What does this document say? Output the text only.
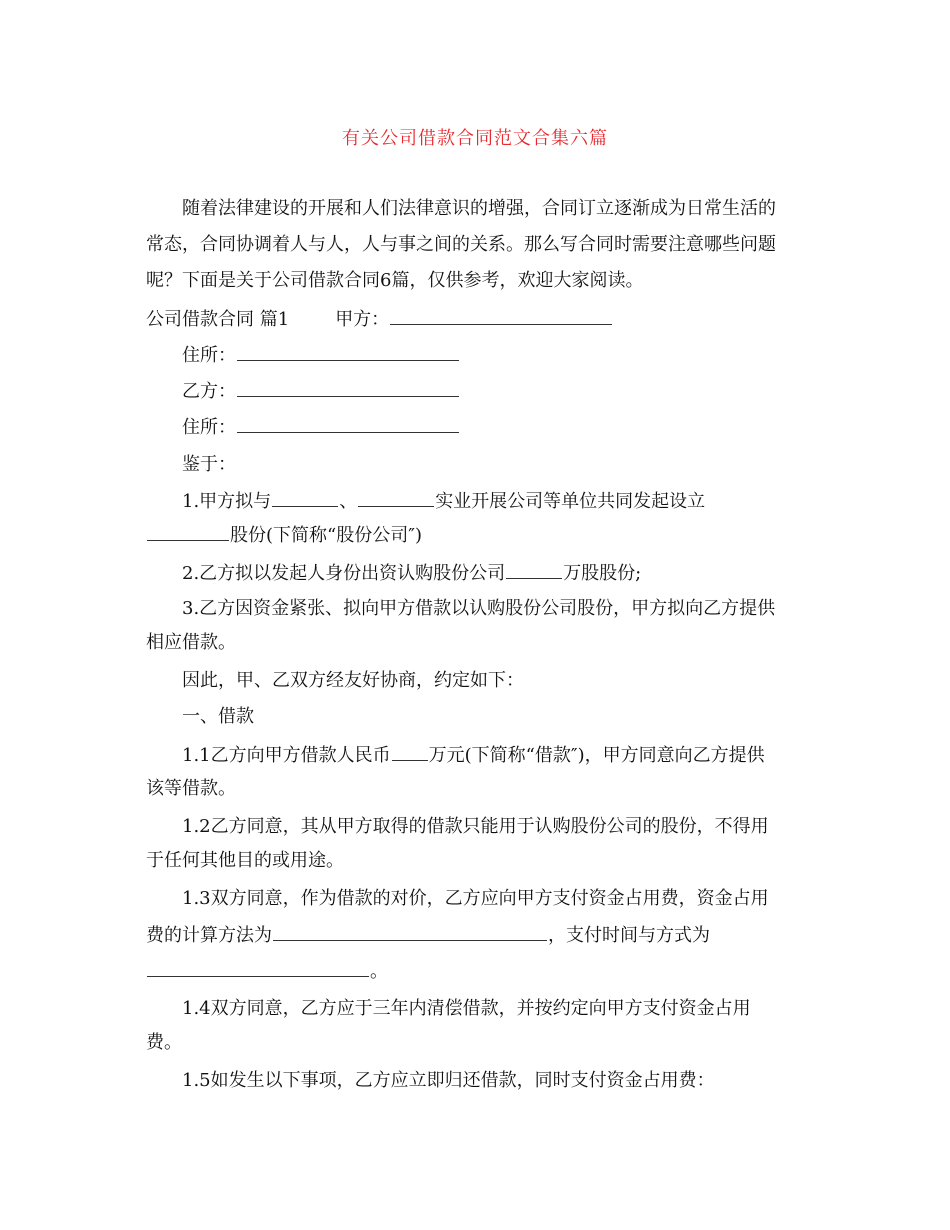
有关公司借款合同范文合集六篇
随着法律建设的开展和人们法律意识的增强，合同订立逐渐成为日常生活的
常态，合同协调着人与人，人与事之间的关系。那么写合同时需要注意哪些问题
呢？下面是关于公司借款合同6篇，仅供参考，欢迎大家阅读。
公司借款合同 篇1	甲方：
住所：
乙方：
住所：
鉴于：
1.甲方拟与	、	实业开展公司等单位共同发起设立
股份(下简称“股份公司″)
2.乙方拟以发起人身份出资认购股份公司	万股股份;
3.乙方因资金紧张、拟向甲方借款以认购股份公司股份，甲方拟向乙方提供
相应借款。
因此，甲、乙双方经友好协商，约定如下：
一、借款
1.1乙方向甲方借款人民币 万元(下简称“借款″)，甲方同意向乙方提供
该等借款。
1.2乙方同意，其从甲方取得的借款只能用于认购股份公司的股份，不得用
于任何其他目的或用途。
1.3双方同意，作为借款的对价，乙方应向甲方支付资金占用费，资金占用
费的计算方法为	，支付时间与方式为
。
1.4双方同意，乙方应于三年内清偿借款，并按约定向甲方支付资金占用
费。
1.5如发生以下事项，乙方应立即归还借款，同时支付资金占用费：
